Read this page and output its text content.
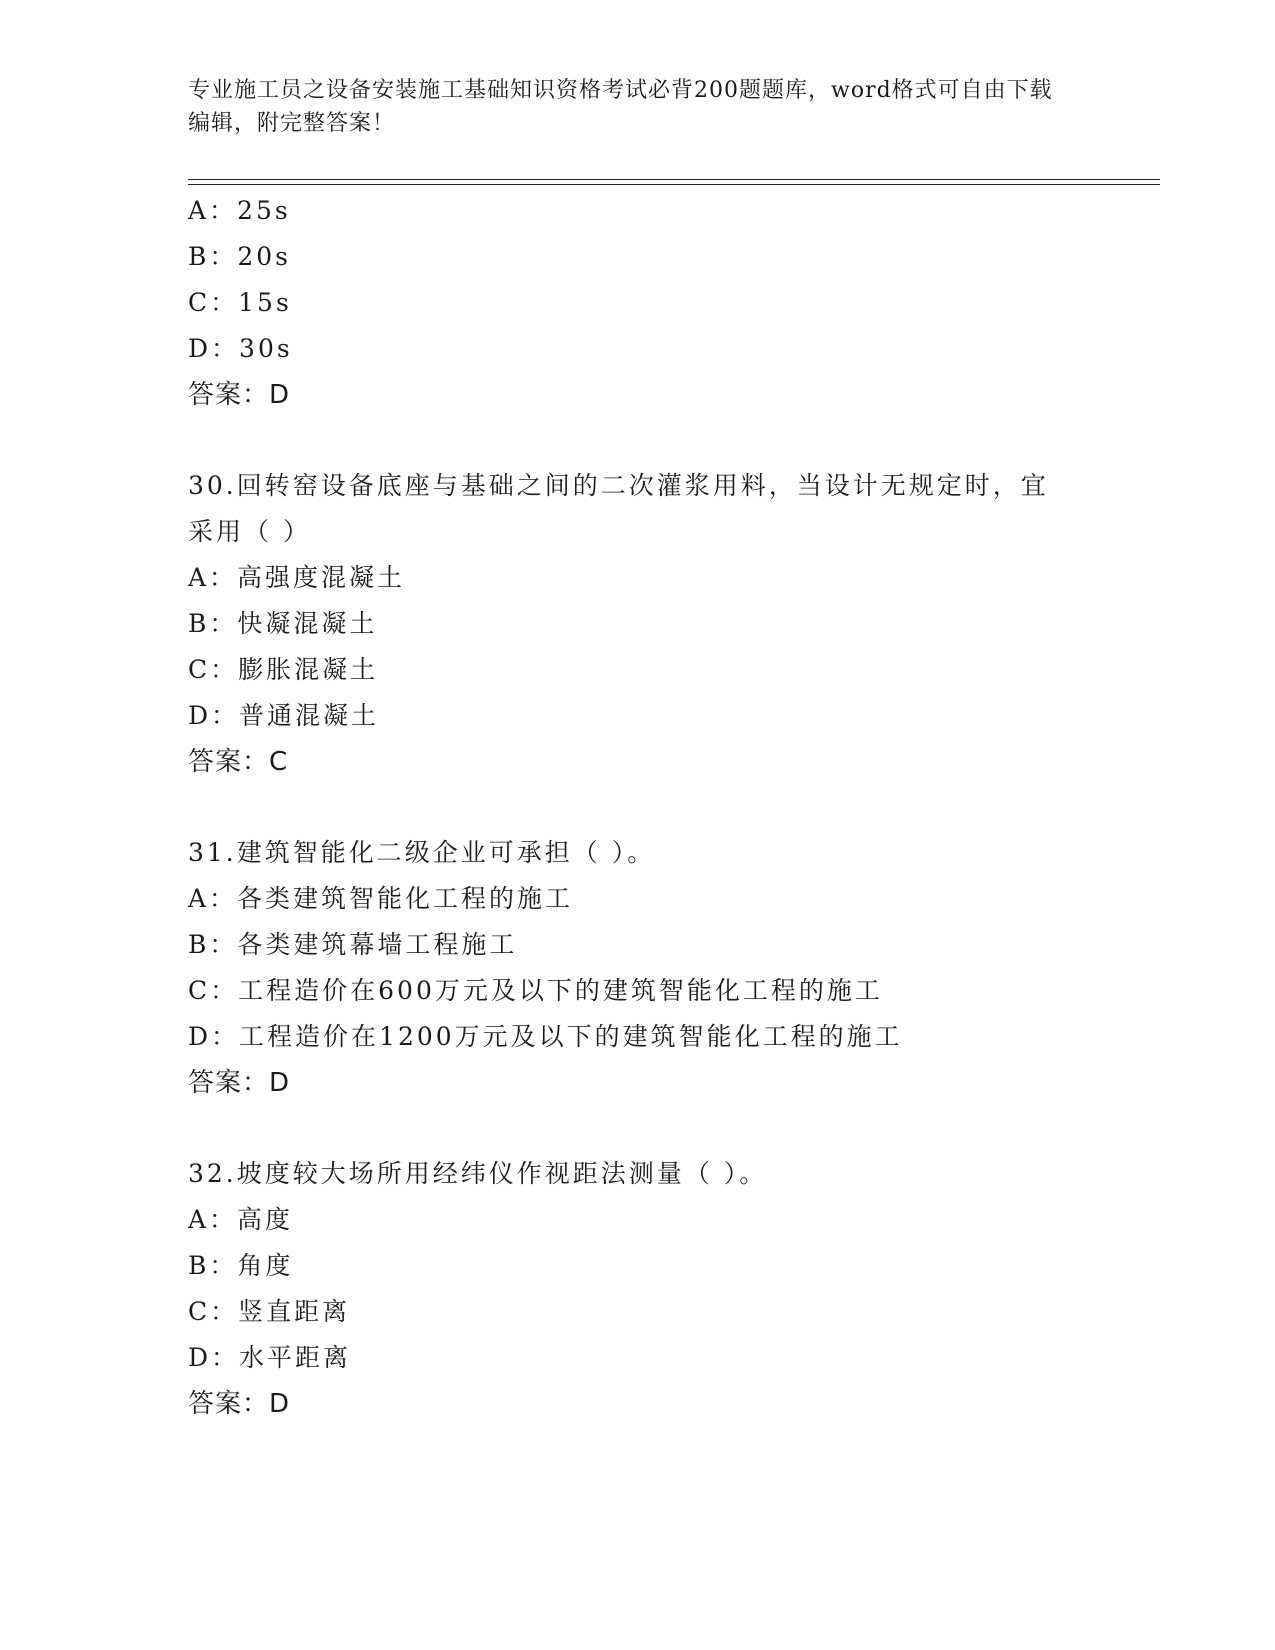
专业施工员之设备安装施工基础知识资格考试必背200题题库，word格式可自由下载编辑，附完整答案！
A：25s
B：20s
C：15s
D：30s
答案：D
30.回转窑设备底座与基础之间的二次灌浆用料，当设计无规定时，宜采用（ ）
A：高强度混凝土
B：快凝混凝土
C：膨胀混凝土
D：普通混凝土
答案：C
31.建筑智能化二级企业可承担（ ）。
A：各类建筑智能化工程的施工
B：各类建筑幕墙工程施工
C：工程造价在600万元及以下的建筑智能化工程的施工
D：工程造价在1200万元及以下的建筑智能化工程的施工
答案：D
32.坡度较大场所用经纬仪作视距法测量（ ）。
A：高度
B：角度
C：竖直距离
D：水平距离
答案：D
